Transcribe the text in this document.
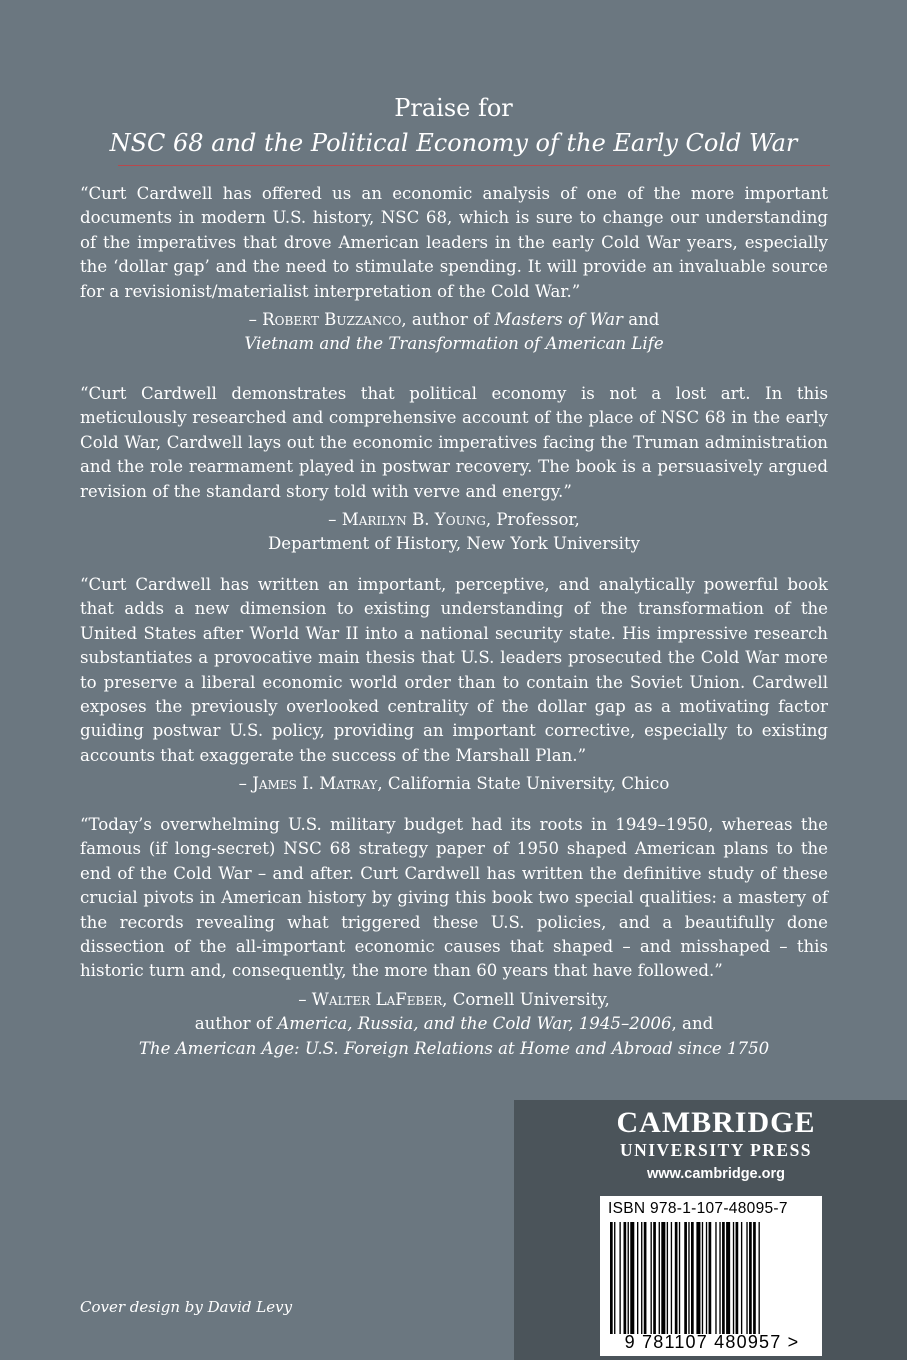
Praise for
NSC 68 and the Political Economy of the Early Cold War

“Curt Cardwell has offered us an economic analysis of one of the more important documents in modern U.S. history, NSC 68, which is sure to change our understanding of the imperatives that drove American leaders in the early Cold War years, especially the ‘dollar gap’ and the need to stimulate spending. It will provide an invaluable source for a revisionist/materialist interpretation of the Cold War.”

– Robert Buzzanco, author of Masters of War and
Vietnam and the Transformation of American Life

“Curt Cardwell demonstrates that political economy is not a lost art. In this meticulously researched and comprehensive account of the place of NSC 68 in the early Cold War, Cardwell lays out the economic imperatives facing the Truman administration and the role rearmament played in postwar recovery. The book is a persuasively argued revision of the standard story told with verve and energy.”

– Marilyn B. Young, Professor,
Department of History, New York University

“Curt Cardwell has written an important, perceptive, and analytically powerful book that adds a new dimension to existing understanding of the transformation of the United States after World War II into a national security state. His impressive research substantiates a provocative main thesis that U.S. leaders prosecuted the Cold War more to preserve a liberal economic world order than to contain the Soviet Union. Cardwell exposes the previously overlooked centrality of the dollar gap as a motivating factor guiding postwar U.S. policy, providing an important corrective, especially to existing accounts that exaggerate the success of the Marshall Plan.”

– James I. Matray, California State University, Chico

“Today’s overwhelming U.S. military budget had its roots in 1949–1950, whereas the famous (if long-secret) NSC 68 strategy paper of 1950 shaped American plans to the end of the Cold War – and after. Curt Cardwell has written the definitive study of these crucial pivots in American history by giving this book two special qualities: a mastery of the records revealing what triggered these U.S. policies, and a beautifully done dissection of the all-important economic causes that shaped – and misshaped – this historic turn and, consequently, the more than 60 years that have followed.”

– Walter LaFeber, Cornell University,
author of America, Russia, and the Cold War, 1945–2006, and
The American Age: U.S. Foreign Relations at Home and Abroad since 1750
Cover design by David Levy
CAMBRIDGE
UNIVERSITY PRESS
www.cambridge.org
ISBN 978-1-107-48095-7
9 781107 480957 >
